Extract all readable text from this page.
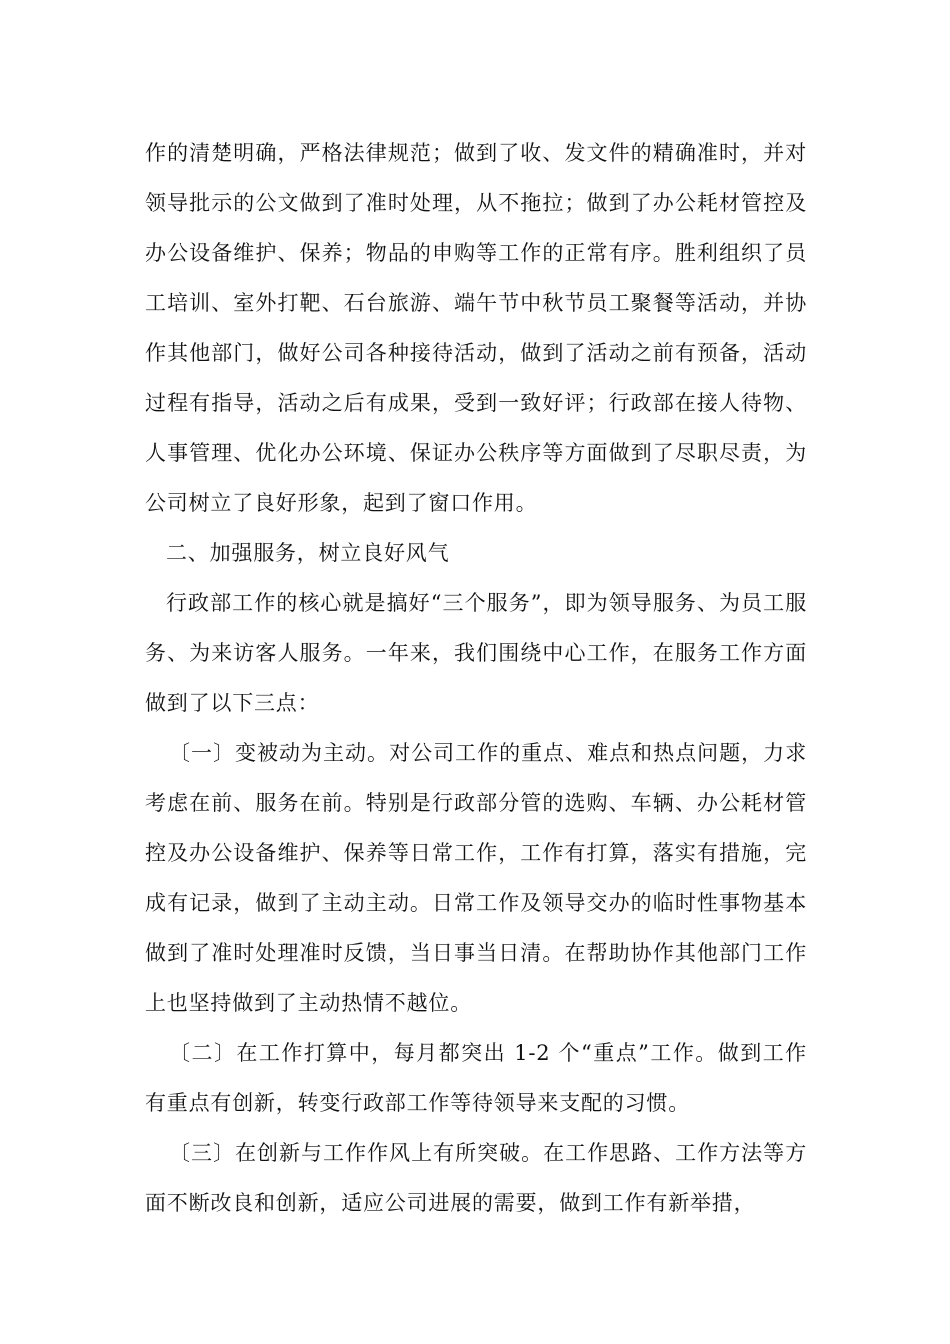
作的清楚明确，严格法律规范；做到了收、发文件的精确准时，并对领导批示的公文做到了准时处理，从不拖拉；做到了办公耗材管控及办公设备维护、保养；物品的申购等工作的正常有序。胜利组织了员工培训、室外打靶、石台旅游、端午节中秋节员工聚餐等活动，并协作其他部门，做好公司各种接待活动，做到了活动之前有预备，活动过程有指导，活动之后有成果，受到一致好评；行政部在接人待物、人事管理、优化办公环境、保证办公秩序等方面做到了尽职尽责，为公司树立了良好形象，起到了窗口作用。

二、加强服务，树立良好风气

行政部工作的核心就是搞好“三个服务”，即为领导服务、为员工服务、为来访客人服务。一年来，我们围绕中心工作，在服务工作方面做到了以下三点：

〔一〕变被动为主动。对公司工作的重点、难点和热点问题，力求考虑在前、服务在前。特别是行政部分管的选购、车辆、办公耗材管控及办公设备维护、保养等日常工作，工作有打算，落实有措施，完成有记录，做到了主动主动。日常工作及领导交办的临时性事物基本做到了准时处理准时反馈，当日事当日清。在帮助协作其他部门工作上也坚持做到了主动热情不越位。

〔二〕在工作打算中，每月都突出 1-2 个“重点”工作。做到工作有重点有创新，转变行政部工作等待领导来支配的习惯。

〔三〕在创新与工作作风上有所突破。在工作思路、工作方法等方面不断改良和创新，适应公司进展的需要，做到工作有新举措，
